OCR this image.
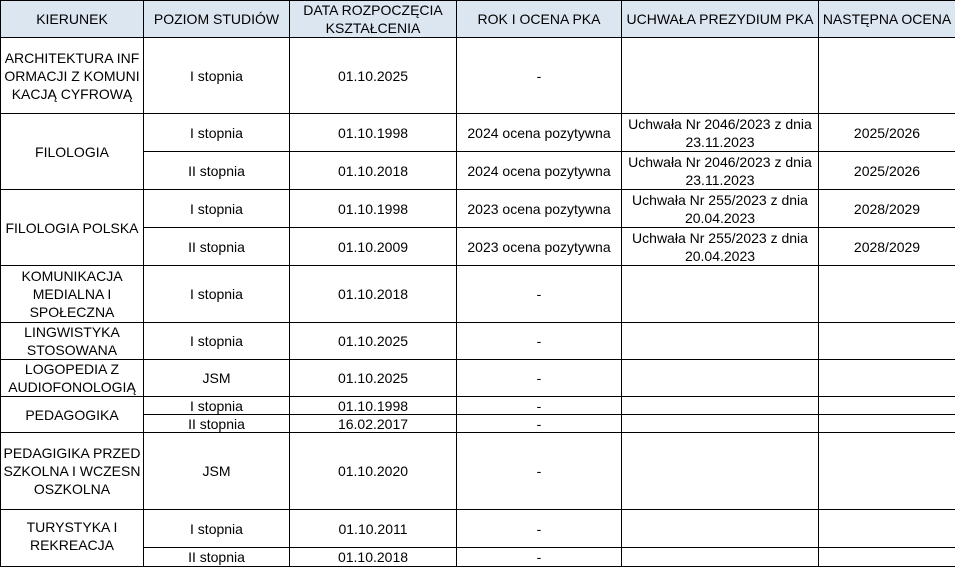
KIERUNEK	POZIOM STUDIÓW	DATA ROZPOCZĘCIA KSZTAŁCENIA	ROK I OCENA PKA	UCHWAŁA PREZYDIUM PKA	NASTĘPNA OCENA
ARCHITEKTURA INFORMACJI Z KOMUNIKACJĄ CYFROWĄ	I stopnia	01.10.2025	-		
FILOLOGIA	I stopnia	01.10.1998	2024 ocena pozytywna	Uchwała Nr 2046/2023 z dnia 23.11.2023	2025/2026
	II stopnia	01.10.2018	2024 ocena pozytywna	Uchwała Nr 2046/2023 z dnia 23.11.2023	2025/2026
FILOLOGIA POLSKA	I stopnia	01.10.1998	2023 ocena pozytywna	Uchwała Nr 255/2023 z dnia 20.04.2023	2028/2029
	II stopnia	01.10.2009	2023 ocena pozytywna	Uchwała Nr 255/2023 z dnia 20.04.2023	2028/2029
KOMUNIKACJA MEDIALNA I SPOŁECZNA	I stopnia	01.10.2018	-		
LINGWISTYKA STOSOWANA	I stopnia	01.10.2025	-		
LOGOPEDIA Z AUDIOFONOLOGIĄ	JSM	01.10.2025	-		
PEDAGOGIKA	I stopnia	01.10.1998	-		
	II stopnia	16.02.2017	-		
PEDAGIGIKA PRZEDSZKOLNA I WCZESNOSZKOLNA	JSM	01.10.2020	-		
TURYSTYKA I REKREACJA	I stopnia	01.10.2011	-		
	II stopnia	01.10.2018	-		
